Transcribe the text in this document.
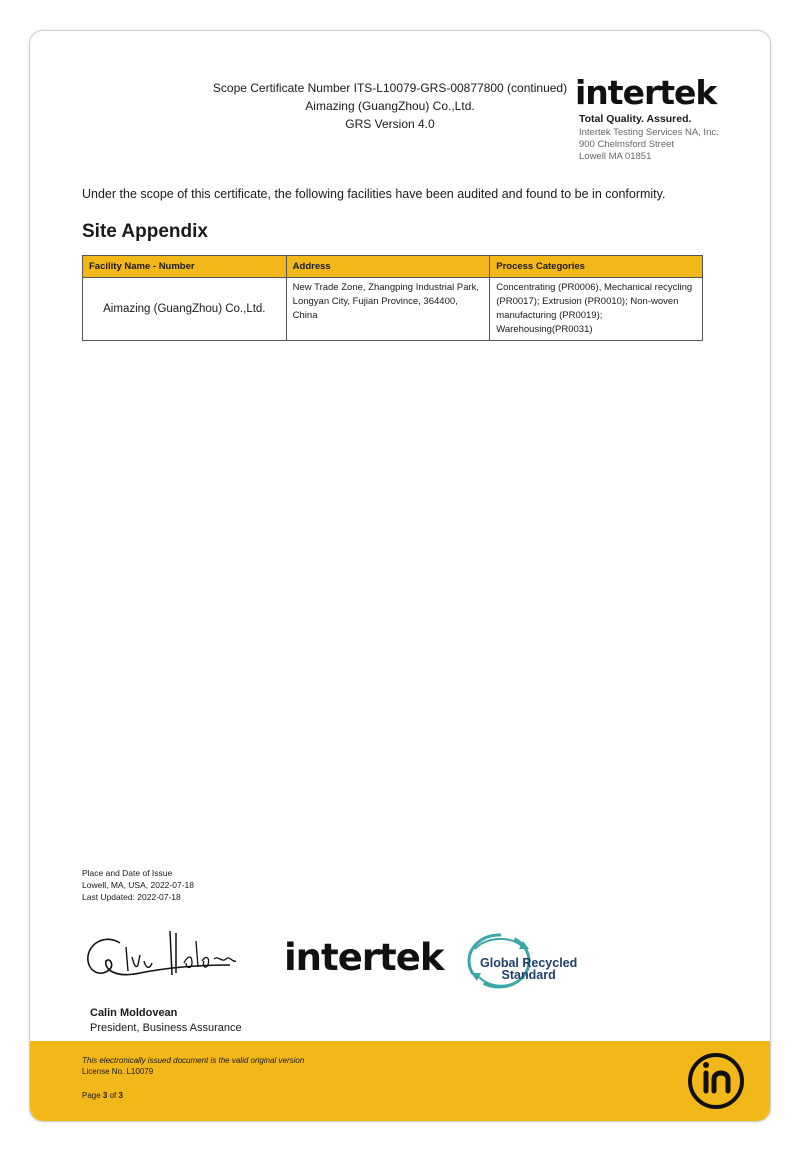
Scope Certificate Number ITS-L10079-GRS-00877800 (continued)
Aimazing (GuangZhou) Co.,Ltd.
GRS Version 4.0
intertek
Total Quality. Assured.
Intertek Testing Services NA, Inc.
900 Chelmsford Street
Lowell MA 01851
Under the scope of this certificate, the following facilities have been audited and found to be in conformity.
Site Appendix
Facility Name - Number	Address	Process Categories
Aimazing (GuangZhou) Co.,Ltd.	New Trade Zone, Zhangping Industrial Park, Longyan City, Fujian Province, 364400, China	Concentrating (PR0006), Mechanical recycling (PR0017); Extrusion (PR0010); Non-woven manufacturing (PR0019); Warehousing(PR0031)
Place and Date of Issue
Lowell, MA, USA, 2022-07-18
Last Updated: 2022-07-18
intertek	Global Recycled
Standard
Calin Moldovean
President, Business Assurance
This electronically issued document is the valid original version
License No. L10079
Page 3 of 3
